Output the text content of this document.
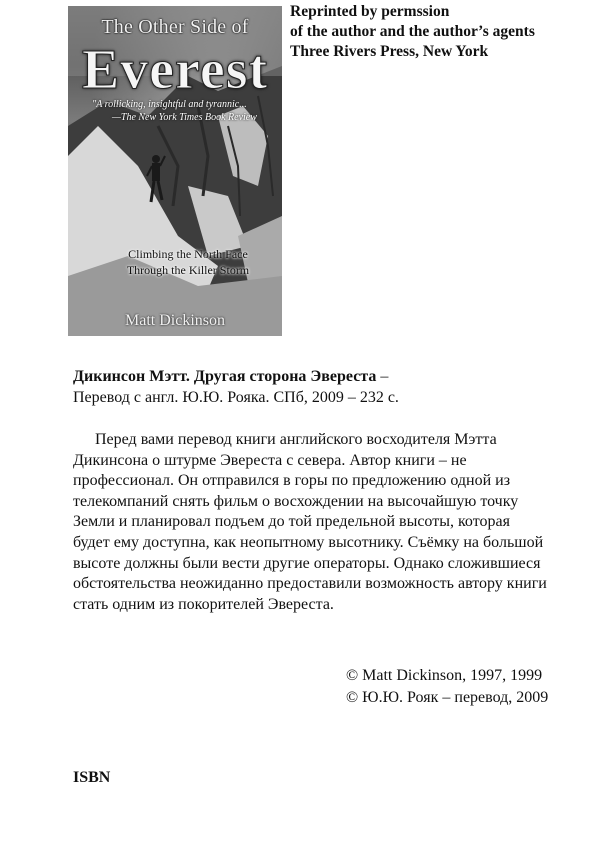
The Other Side of
Everest
"A rollicking, insightful and tyrannic...
—The New York Times Book Review
Climbing the North Face
Through the Killer Storm
Matt Dickinson
Reprinted by permssion
of the author and the author’s agents
Three Rivers Press, New York
Дикинсон Мэтт. Другая сторона Эвереста –
Перевод с англ. Ю.Ю. Рояка. СПб, 2009 – 232 с.
Перед вами перевод книги английского восходителя Мэтта
Дикинсона о штурме Эвереста с севера. Автор книги – не
профессионал. Он отправился в горы по предложению одной из
телекомпаний снять фильм о восхождении на высочайшую точку
Земли и планировал подъем до той предельной высоты, которая
будет ему доступна, как неопытному высотнику. Съёмку на большой
высоте должны были вести другие операторы. Однако сложившиеся
обстоятельства неожиданно предоставили возможность автору книги
стать одним из покорителей Эвереста.
© Matt Dickinson, 1997, 1999
© Ю.Ю. Рояк – перевод, 2009
ISBN
